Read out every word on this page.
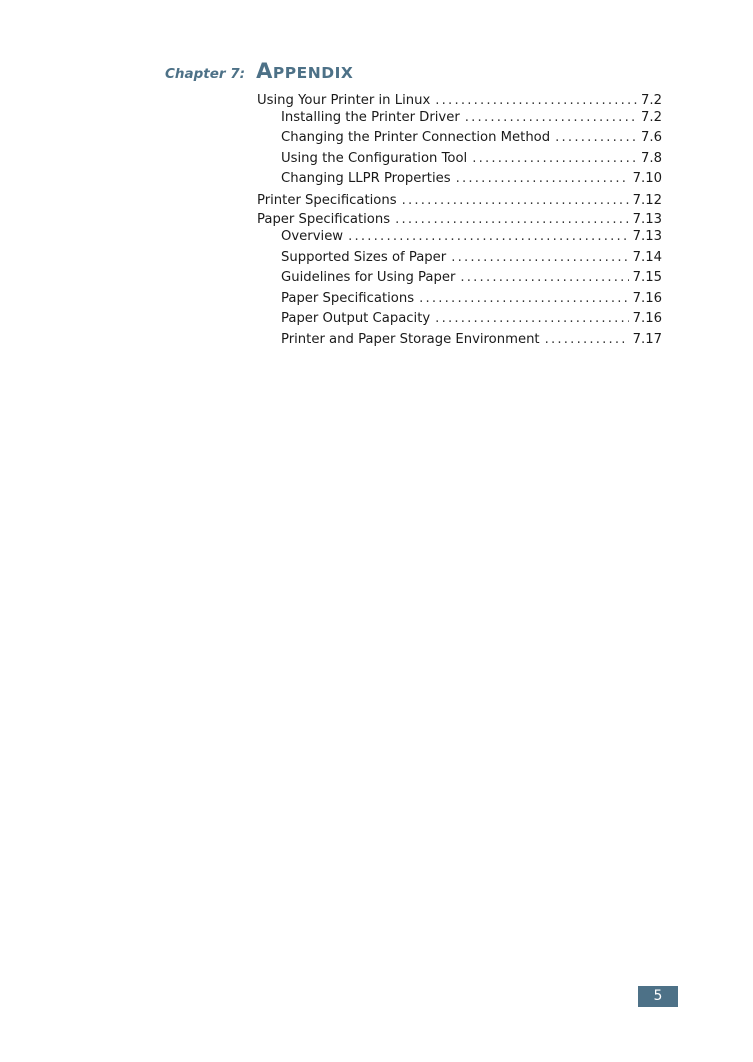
Chapter 7: APPENDIX
Using Your Printer in Linux .....	7.2
Installing the Printer Driver .....	7.2
Changing the Printer Connection Method .....	7.6
Using the Configuration Tool .....	7.8
Changing LLPR Properties .....	7.10
Printer Specifications .....	7.12
Paper Specifications .....	7.13
Overview .....	7.13
Supported Sizes of Paper .....	7.14
Guidelines for Using Paper .....	7.15
Paper Specifications .....	7.16
Paper Output Capacity .....	7.16
Printer and Paper Storage Environment .....	7.17
5
